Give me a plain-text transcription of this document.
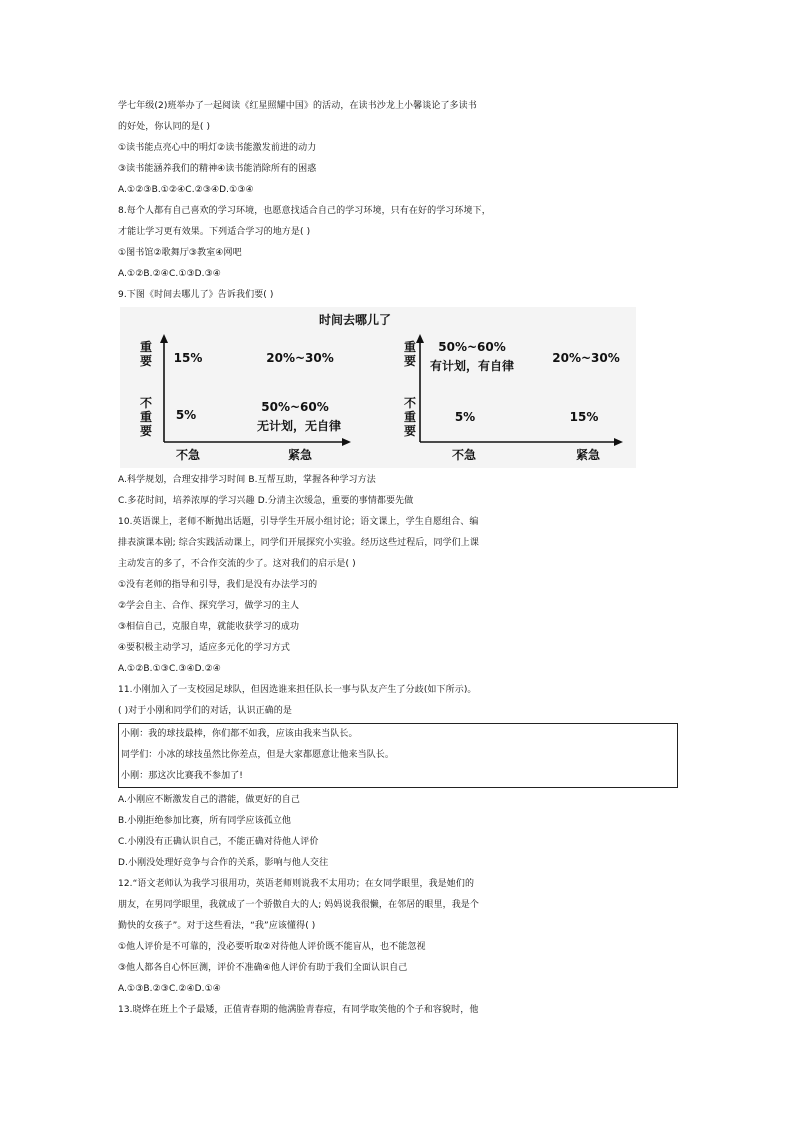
学七年级(2)班举办了一起阅读《红星照耀中国》的活动，在读书沙龙上小馨谈论了多读书
的好处，你认同的是( )
①读书能点亮心中的明灯②读书能激发前进的动力
③读书能涵养我们的精神④读书能消除所有的困惑
A.①②③B.①②④C.②③④D.①③④
8.每个人都有自己喜欢的学习环境，也愿意找适合自己的学习环境，只有在好的学习环境下，
才能让学习更有效果。下列适合学习的地方是( )
①图书馆②歌舞厅③教室④网吧
A.①②B.②④C.①③D.③④
9.下图《时间去哪儿了》告诉我们要( )
时间去哪儿了
重要
不重要
不急	紧急
15%	20%~30%
5%
50%~60%
无计划，无自律
重要
不重要
不急	紧急
50%~60%
有计划，有自律
20%~30%
5%	15%
A.科学规划，合理安排学习时间 B.互帮互助，掌握各种学习方法
C.多花时间，培养浓厚的学习兴趣 D.分清主次缓急，重要的事情都要先做
10.英语课上，老师不断抛出话题，引导学生开展小组讨论；语文课上，学生自愿组合、编
排表演课本剧; 综合实践活动课上，同学们开展探究小实验。经历这些过程后，同学们上课
主动发言的多了，不合作交流的少了。这对我们的启示是( )
①没有老师的指导和引导，我们是没有办法学习的
②学会自主、合作、探究学习，做学习的主人
③相信自己，克服自卑，就能收获学习的成功
④要积极主动学习，适应多元化的学习方式
A.①②B.①③C.③④D.②④
11.小刚加入了一支校园足球队，但因选谁来担任队长一事与队友产生了分歧(如下所示)。
( )对于小刚和同学们的对话，认识正确的是
小刚：我的球技最棒，你们都不如我，应该由我来当队长。
同学们：小冰的球技虽然比你差点，但是大家都愿意让他来当队长。
小刚：那这次比赛我不参加了!
A.小刚应不断激发自己的潜能，做更好的自己
B.小刚拒绝参加比赛，所有同学应该孤立他
C.小刚没有正确认识自己，不能正确对待他人评价
D.小刚没处理好竞争与合作的关系，影响与他人交往
12.“语文老师认为我学习很用功，英语老师则说我不太用功；在女同学眼里，我是她们的
朋友，在男同学眼里，我就成了一个骄傲自大的人; 妈妈说我很懒，在邻居的眼里，我是个
勤快的女孩子”。对于这些看法，“我”应该懂得( )
①他人评价是不可靠的，没必要听取②对待他人评价既不能盲从，也不能忽视
③他人都各自心怀叵测，评价不准确④他人评价有助于我们全面认识自己
A.①③B.②③C.②④D.①④
13.晓烨在班上个子最矮，正值青春期的他满脸青春痘，有同学取笑他的个子和容貌时，他
